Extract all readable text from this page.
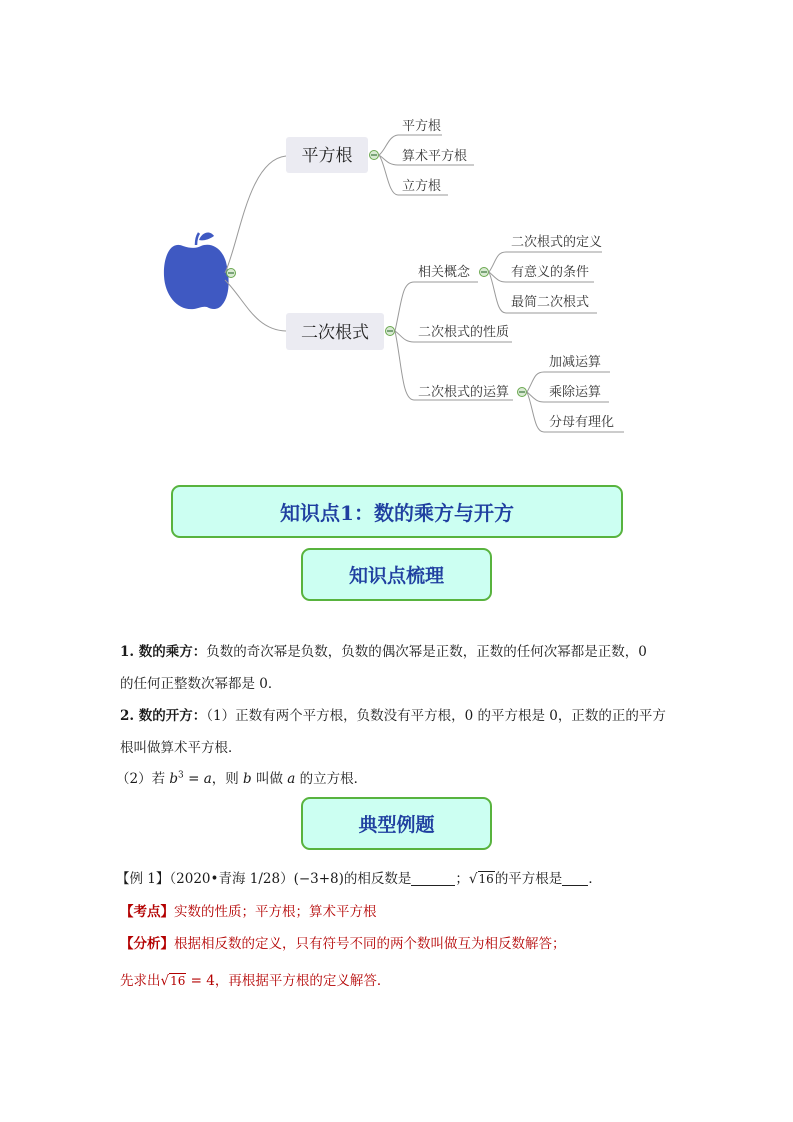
平方根
平方根
算术平方根
立方根
二次根式
相关概念
二次根式的性质
二次根式的运算
二次根式的定义
有意义的条件
最简二次根式
加减运算
乘除运算
分母有理化
知识点1：数的乘方与开方
知识点梳理
1. 数的乘方：负数的奇次幂是负数，负数的偶次幂是正数，正数的任何次幂都是正数，0
的任何正整数次幂都是 0．
2. 数的开方：（1）正数有两个平方根，负数没有平方根，0 的平方根是 0，正数的正的平方
根叫做算术平方根．
（2）若 $b^3 = a$，则 b 叫做 a 的立方根．
典型例题
【例 1】（2020•青海 1/28）(−3+8)的相反数是	；√16的平方根是 ．
【考点】实数的性质；平方根；算术平方根
【分析】根据相反数的定义，只有符号不同的两个数叫做互为相反数解答；
先求出√16 = 4，再根据平方根的定义解答．
